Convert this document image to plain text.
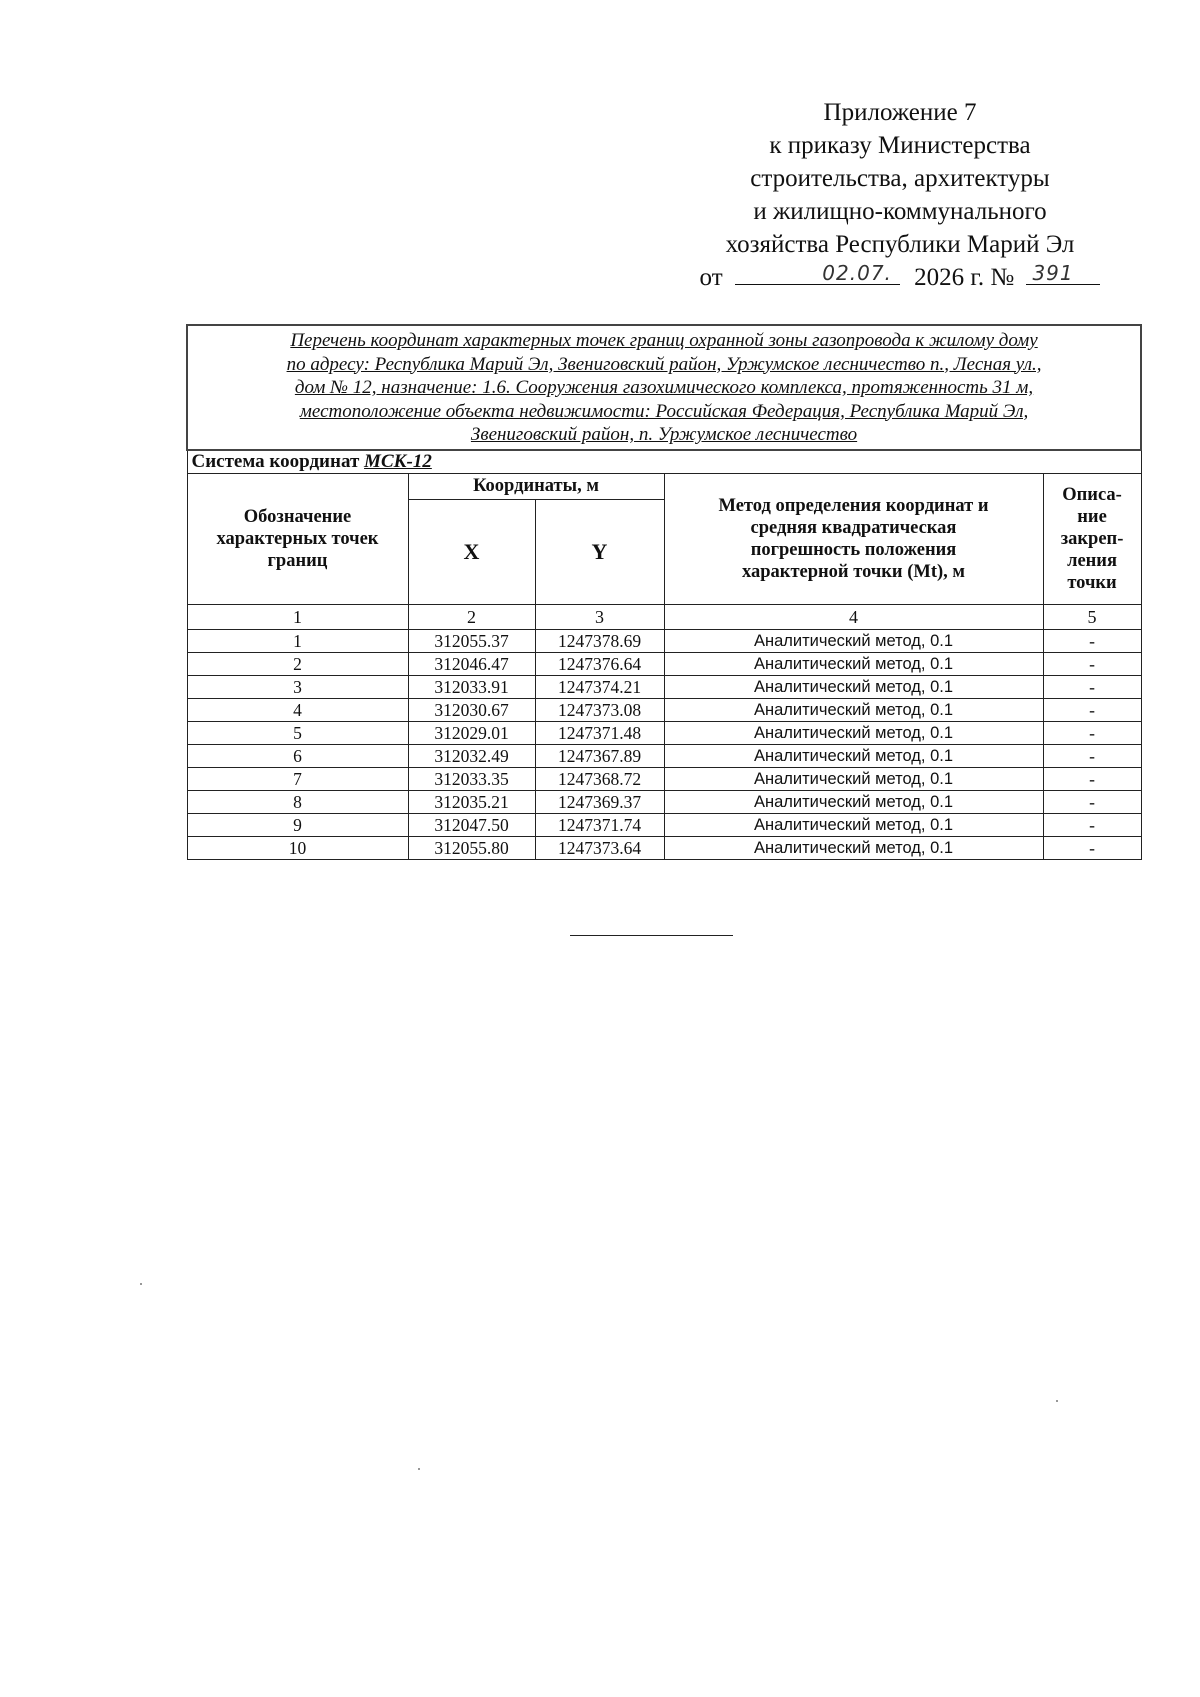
Приложение 7
к приказу Министерства
строительства, архитектуры
и жилищно-коммунального
хозяйства Республики Марий Эл
от	02.07. 2026 г. № 391
Перечень координат характерных точек границ охранной зоны газопровода к жилому дому
по адресу: Республика Марий Эл, Звениговский район, Уржумское лесничество п., Лесная ул.,
дом № 12, назначение: 1.6. Сооружения газохимического комплекса, протяженность 31 м,
местоположение объекта недвижимости: Российская Федерация, Республика Марий Эл,
Звениговский район, п. Уржумское лесничество				

Система координат МСК-12				

Обозначение
характерных точек
границ	Координаты, м		Метод определения координат и
средняя квадратическая
погрешность положения
характерной точки (Mt), м	Описа-
ние
закреп-
ления
точки

	X	Y		
1	2	3	4	5
1	312055.37	1247378.69	Аналитический метод, 0.1	-
2	312046.47	1247376.64	Аналитический метод, 0.1	-
3	312033.91	1247374.21	Аналитический метод, 0.1	-
4	312030.67	1247373.08	Аналитический метод, 0.1	-
5	312029.01	1247371.48	Аналитический метод, 0.1	-
6	312032.49	1247367.89	Аналитический метод, 0.1	-
7	312033.35	1247368.72	Аналитический метод, 0.1	-
8	312035.21	1247369.37	Аналитический метод, 0.1	-
9	312047.50	1247371.74	Аналитический метод, 0.1	-
10	312055.80	1247373.64	Аналитический метод, 0.1	-
